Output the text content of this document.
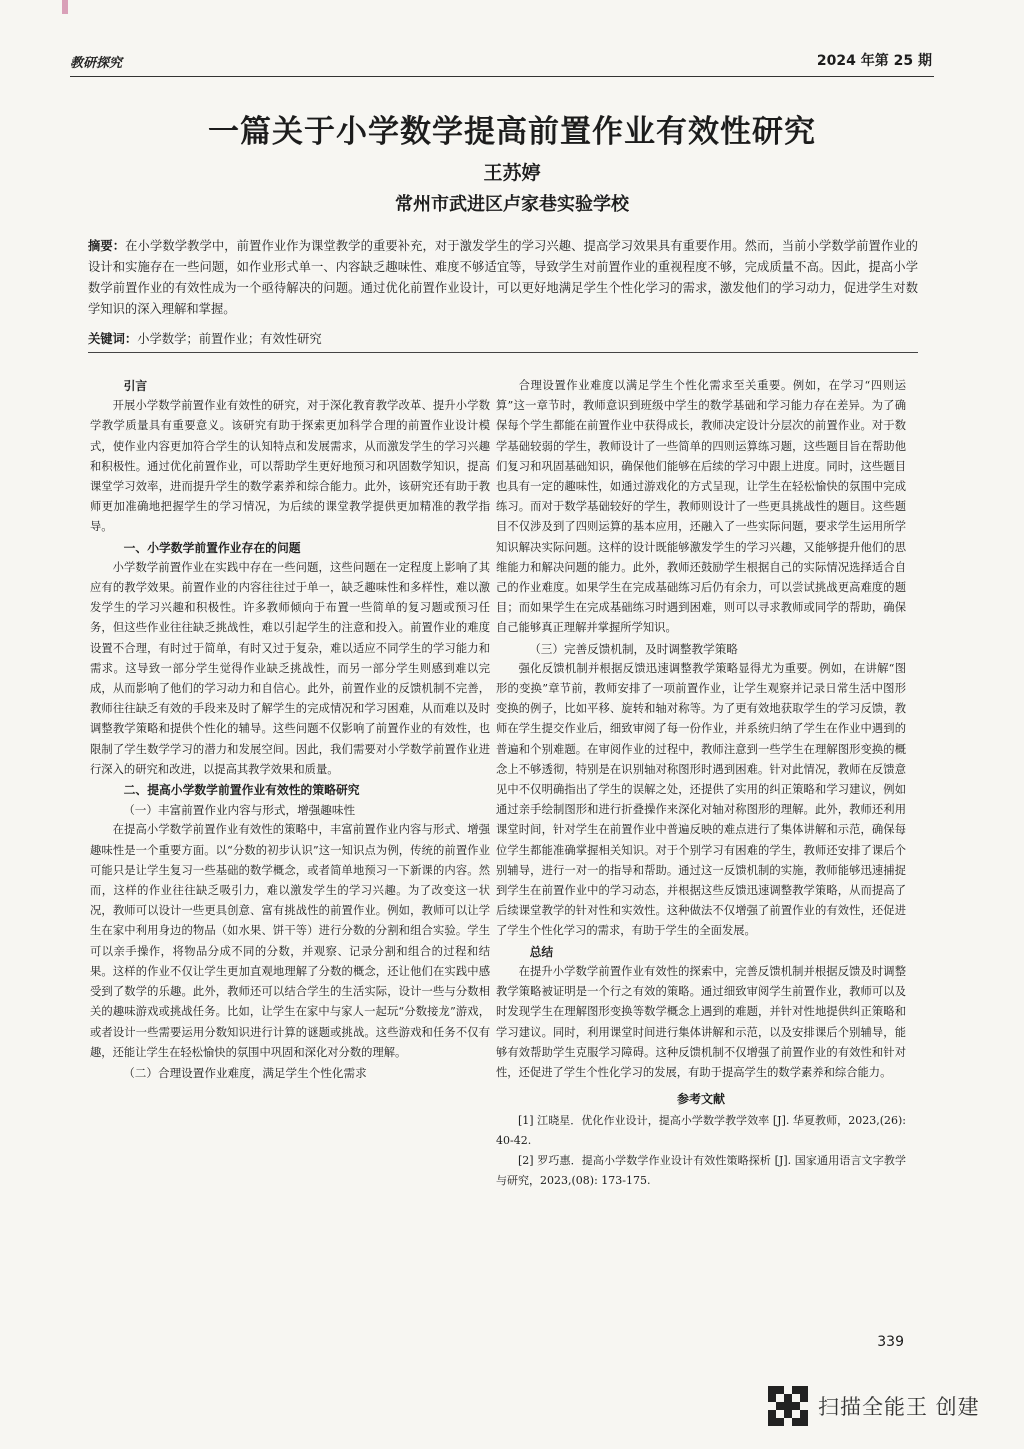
教研探究	2024 年第 25 期
一篇关于小学数学提高前置作业有效性研究
王苏婷
常州市武进区卢家巷实验学校
摘要：在小学数学教学中，前置作业作为课堂教学的重要补充，对于激发学生的学习兴趣、提高学习效果具有重要作用。然而，当前小学数学前置作业的设计和实施存在一些问题，如作业形式单一、内容缺乏趣味性、难度不够适宜等，导致学生对前置作业的重视程度不够，完成质量不高。因此，提高小学数学前置作业的有效性成为一个亟待解决的问题。通过优化前置作业设计，可以更好地满足学生个性化学习的需求，激发他们的学习动力，促进学生对数学知识的深入理解和掌握。
关键词：小学数学；前置作业；有效性研究

引言

开展小学数学前置作业有效性的研究，对于深化教育教学改革、提升小学数学教学质量具有重要意义。该研究有助于探索更加科学合理的前置作业设计模式，使作业内容更加符合学生的认知特点和发展需求，从而激发学生的学习兴趣和积极性。通过优化前置作业，可以帮助学生更好地预习和巩固数学知识，提高课堂学习效率，进而提升学生的数学素养和综合能力。此外，该研究还有助于教师更加准确地把握学生的学习情况，为后续的课堂教学提供更加精准的教学指导。

一、小学数学前置作业存在的问题

小学数学前置作业在实践中存在一些问题，这些问题在一定程度上影响了其应有的教学效果。前置作业的内容往往过于单一，缺乏趣味性和多样性，难以激发学生的学习兴趣和积极性。许多教师倾向于布置一些简单的复习题或预习任务，但这些作业往往缺乏挑战性，难以引起学生的注意和投入。前置作业的难度设置不合理，有时过于简单，有时又过于复杂，难以适应不同学生的学习能力和需求。这导致一部分学生觉得作业缺乏挑战性，而另一部分学生则感到难以完成，从而影响了他们的学习动力和自信心。此外，前置作业的反馈机制不完善，教师往往缺乏有效的手段来及时了解学生的完成情况和学习困难，从而难以及时调整教学策略和提供个性化的辅导。这些问题不仅影响了前置作业的有效性，也限制了学生数学学习的潜力和发展空间。因此，我们需要对小学数学前置作业进行深入的研究和改进，以提高其教学效果和质量。

二、提高小学数学前置作业有效性的策略研究

（一）丰富前置作业内容与形式，增强趣味性

在提高小学数学前置作业有效性的策略中，丰富前置作业内容与形式、增强趣味性是一个重要方面。以“分数的初步认识”这一知识点为例，传统的前置作业可能只是让学生复习一些基础的数学概念，或者简单地预习一下新课的内容。然而，这样的作业往往缺乏吸引力，难以激发学生的学习兴趣。为了改变这一状况，教师可以设计一些更具创意、富有挑战性的前置作业。例如，教师可以让学生在家中利用身边的物品（如水果、饼干等）进行分数的分割和组合实验。学生可以亲手操作，将物品分成不同的分数，并观察、记录分割和组合的过程和结果。这样的作业不仅让学生更加直观地理解了分数的概念，还让他们在实践中感受到了数学的乐趣。此外，教师还可以结合学生的生活实际，设计一些与分数相关的趣味游戏或挑战任务。比如，让学生在家中与家人一起玩“分数接龙”游戏，或者设计一些需要运用分数知识进行计算的谜题或挑战。这些游戏和任务不仅有趣，还能让学生在轻松愉快的氛围中巩固和深化对分数的理解。

（二）合理设置作业难度，满足学生个性化需求

合理设置作业难度以满足学生个性化需求至关重要。例如，在学习“四则运算”这一章节时，教师意识到班级中学生的数学基础和学习能力存在差异。为了确保每个学生都能在前置作业中获得成长，教师决定设计分层次的前置作业。对于数学基础较弱的学生，教师设计了一些简单的四则运算练习题，这些题目旨在帮助他们复习和巩固基础知识，确保他们能够在后续的学习中跟上进度。同时，这些题目也具有一定的趣味性，如通过游戏化的方式呈现，让学生在轻松愉快的氛围中完成练习。而对于数学基础较好的学生，教师则设计了一些更具挑战性的题目。这些题目不仅涉及到了四则运算的基本应用，还融入了一些实际问题，要求学生运用所学知识解决实际问题。这样的设计既能够激发学生的学习兴趣，又能够提升他们的思维能力和解决问题的能力。此外，教师还鼓励学生根据自己的实际情况选择适合自己的作业难度。如果学生在完成基础练习后仍有余力，可以尝试挑战更高难度的题目；而如果学生在完成基础练习时遇到困难，则可以寻求教师或同学的帮助，确保自己能够真正理解并掌握所学知识。

（三）完善反馈机制，及时调整教学策略

强化反馈机制并根据反馈迅速调整教学策略显得尤为重要。例如，在讲解“图形的变换”章节前，教师安排了一项前置作业，让学生观察并记录日常生活中图形变换的例子，比如平移、旋转和轴对称等。为了更有效地获取学生的学习反馈，教师在学生提交作业后，细致审阅了每一份作业，并系统归纳了学生在作业中遇到的普遍和个别难题。在审阅作业的过程中，教师注意到一些学生在理解图形变换的概念上不够透彻，特别是在识别轴对称图形时遇到困难。针对此情况，教师在反馈意见中不仅明确指出了学生的误解之处，还提供了实用的纠正策略和学习建议，例如通过亲手绘制图形和进行折叠操作来深化对轴对称图形的理解。此外，教师还利用课堂时间，针对学生在前置作业中普遍反映的难点进行了集体讲解和示范，确保每位学生都能准确掌握相关知识。对于个别学习有困难的学生，教师还安排了课后个别辅导，进行一对一的指导和帮助。通过这一反馈机制的实施，教师能够迅速捕捉到学生在前置作业中的学习动态，并根据这些反馈迅速调整教学策略，从而提高了后续课堂教学的针对性和实效性。这种做法不仅增强了前置作业的有效性，还促进了学生个性化学习的需求，有助于学生的全面发展。

总结

在提升小学数学前置作业有效性的探索中，完善反馈机制并根据反馈及时调整教学策略被证明是一个行之有效的策略。通过细致审阅学生前置作业，教师可以及时发现学生在理解图形变换等数学概念上遇到的难题，并针对性地提供纠正策略和学习建议。同时，利用课堂时间进行集体讲解和示范，以及安排课后个别辅导，能够有效帮助学生克服学习障碍。这种反馈机制不仅增强了前置作业的有效性和针对性，还促进了学生个性化学习的发展，有助于提高学生的数学素养和综合能力。

参考文献

[1] 江晓星．优化作业设计，提高小学数学教学效率 [J]. 华夏教师，2023,(26): 40-42.

[2] 罗巧惠．提高小学数学作业设计有效性策略探析 [J]. 国家通用语言文字教学与研究，2023,(08): 173-175.

339
扫描全能王 创建
